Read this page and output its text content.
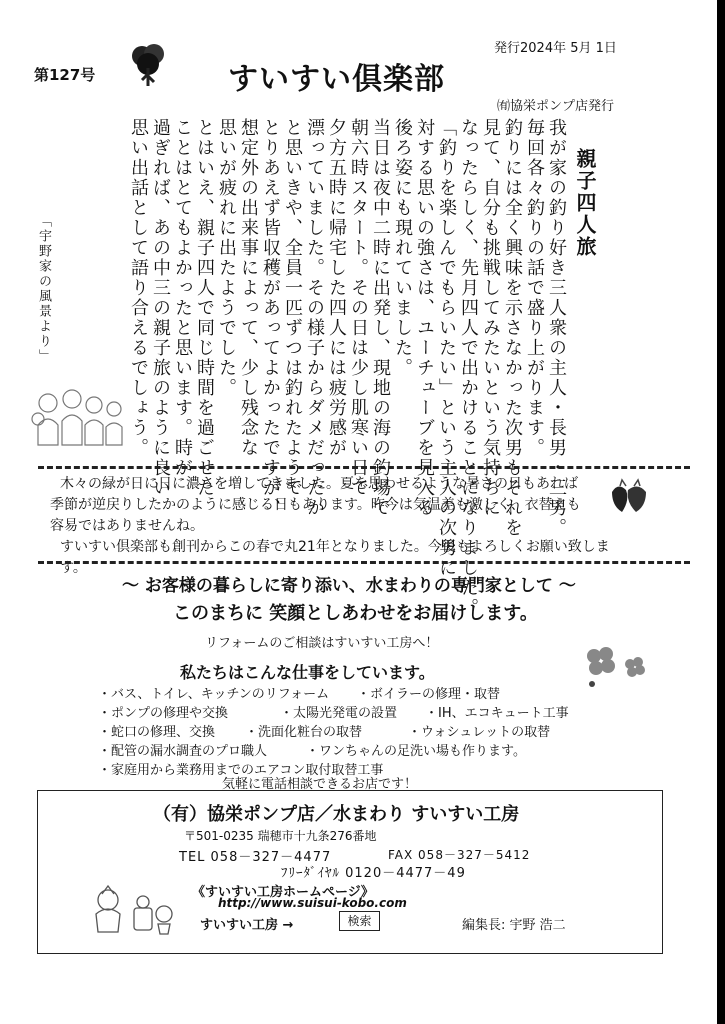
第127号	すいすい倶楽部
発行2024年 5月 1日
㈲協栄ポンプ店発行
「宇野家の風景より」
親子四人旅
我が家の釣り好き三人衆の主人・長男・三男。
毎回各々釣りの話で盛り上がります。
釣りには全く興味を示さなかった次男もそれを
見て、自分も挑戦してみたいという気持ちに
なったらしく、先月四人で出かけることになりました。
「釣りを楽しんでもらいたい」という主人の次男に
対する思いの強さは、ユーチューブを見入る
後ろ姿にも現れていました。
当日は夜中二時に出発し、現地の海の釣場で
朝六時スタート。その日は少し肌寒い日で
夕方五時に帰宅した四人には疲労感が
漂っていました。その様子からダメだったか
と思いきや、全員一匹ずつは釣れたようで
とりあえず皆収穫があってよかったですが、
想定外の出来事によって、少し残念な
思いが疲れに出たようでした。
とはいえ、親子四人で同じ時間を過ごせた
ことはとてもよかったと思います。時が
過ぎれば、あの中三の親子旅のように良い
思い出話として語り合えるでしょう。

木々の緑が日に日に濃さを増してきました。夏を思わせるような暑さの日もあれば

季節が逆戻りしたかのように感じる日もあります。昨今は気温差も激しく、衣替えも

容易ではありませんね。

すいすい倶楽部も創刊からこの春で丸21年となりました。今後もよろしくお願い致します。

～ お客様の暮らしに寄り添い、水まわりの専門家として ～
このまちに 笑顔としあわせをお届けします。
リフォームのご相談はすいすい工房へ！
私たちはこんな仕事をしています。
・バス、トイレ、キッチンのリフォーム ・ボイラーの修理・取替
・ポンプの修理や交換	・太陽光発電の設置 ・IH、エコキュート工事
・蛇口の修理、交換 ・洗面化粧台の取替	・ウォシュレットの取替
・配管の漏水調査のプロ職人	・ワンちゃんの足洗い場も作ります。
・家庭用から業務用までのエアコン取付取替工事
気軽に電話相談できるお店です！
（有）協栄ポンプ店／水まわり すいすい工房
〒501-0235 瑞穂市十九条276番地
TEL 058－327－4477	FAX 058－327－5412
ﾌﾘｰﾀﾞｲﾔﾙ 0120－4477－49
《すいすい工房ホームページ》
http://www.suisui-kobo.com
すいすい工房 →	検索	編集長: 宇野 浩二
